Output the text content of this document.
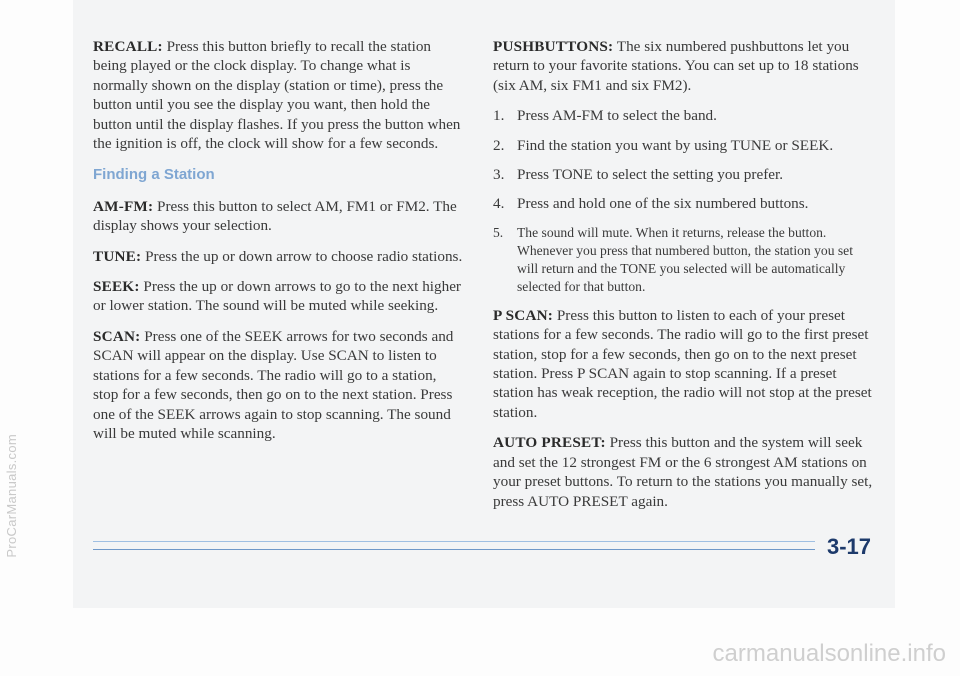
RECALL: Press this button briefly to recall the station being played or the clock display. To change what is normally shown on the display (station or time), press the button until you see the display you want, then hold the button until the display flashes. If you press the button when the ignition is off, the clock will show for a few seconds.

Finding a Station

AM-FM: Press this button to select AM, FM1 or FM2. The display shows your selection.

TUNE: Press the up or down arrow to choose radio stations.

SEEK: Press the up or down arrows to go to the next higher or lower station. The sound will be muted while seeking.

SCAN: Press one of the SEEK arrows for two seconds and SCAN will appear on the display. Use SCAN to listen to stations for a few seconds. The radio will go to a station, stop for a few seconds, then go on to the next station. Press one of the SEEK arrows again to stop scanning. The sound will be muted while scanning.

PUSHBUTTONS: The six numbered pushbuttons let you return to your favorite stations. You can set up to 18 stations (six AM, six FM1 and six FM2).

1. Press AM-FM to select the band.
2. Find the station you want by using TUNE or SEEK.
3. Press TONE to select the setting you prefer.
4. Press and hold one of the six numbered buttons.
5.	The sound will mute. When it returns, release the button. Whenever you press that numbered button, the station you set will return and the TONE you selected will be automatically selected for that button.

P SCAN: Press this button to listen to each of your preset stations for a few seconds. The radio will go to the first preset station, stop for a few seconds, then go on to the next preset station. Press P SCAN again to stop scanning. If a preset station has weak reception, the radio will not stop at the preset station.

AUTO PRESET: Press this button and the system will seek and set the 12 strongest FM or the 6 strongest AM stations on your preset buttons. To return to the stations you manually set, press AUTO PRESET again.

3-17
ProCarManuals.com
carmanualsonline.info
